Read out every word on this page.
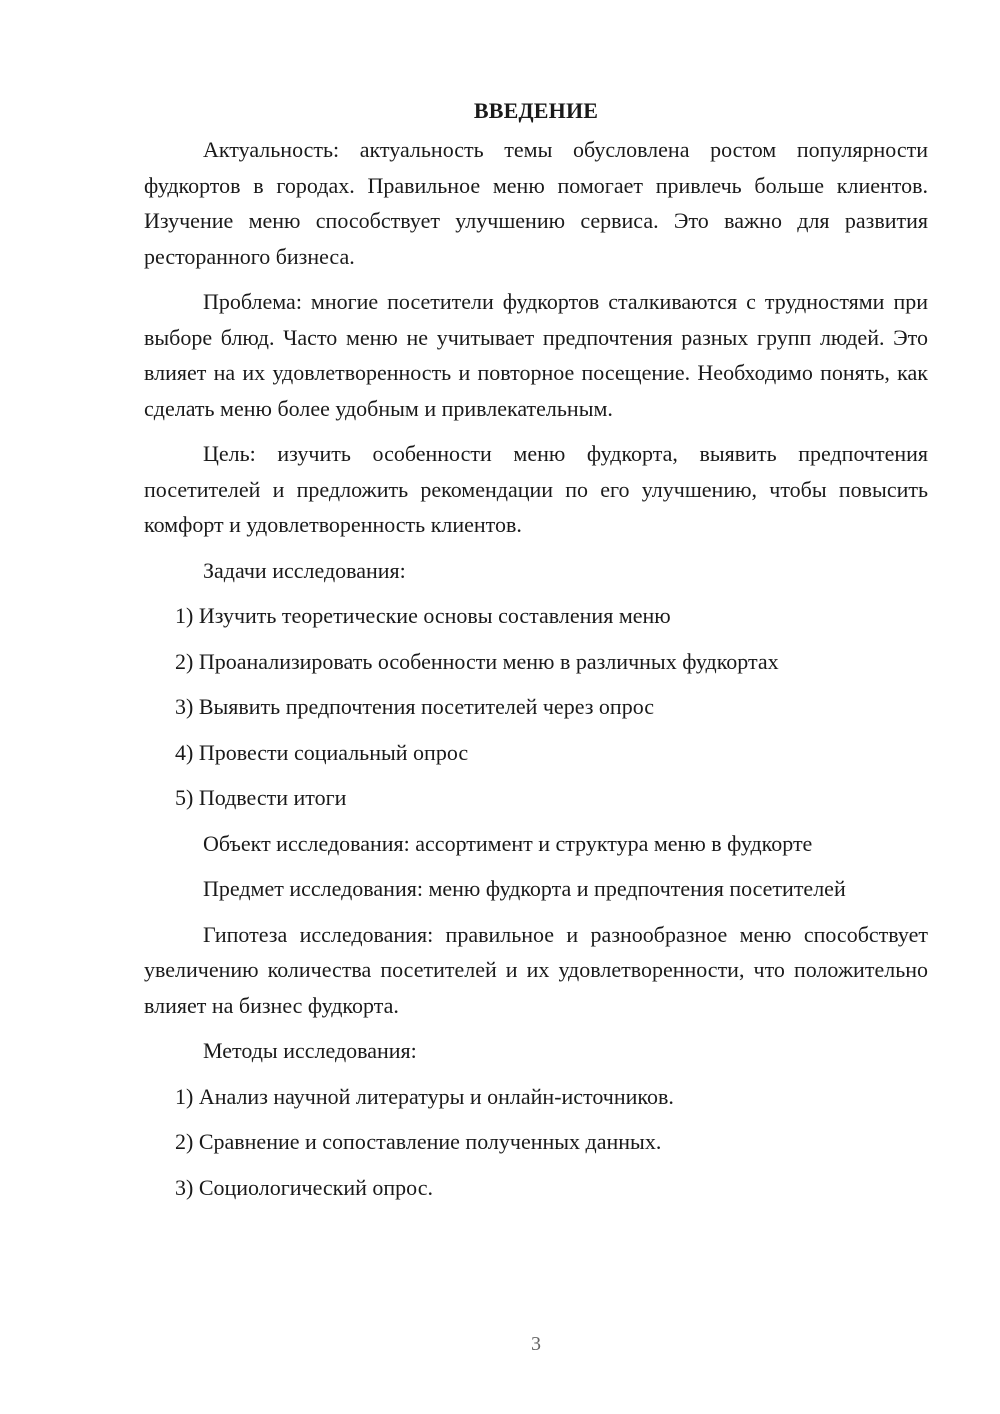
ВВЕДЕНИЕ

Актуальность: актуальность темы обусловлена ростом популярности фудкортов в городах. Правильное меню помогает привлечь больше клиентов. Изучение меню способствует улучшению сервиса. Это важно для развития ресторанного бизнеса.

Проблема: многие посетители фудкортов сталкиваются с трудностями при выборе блюд. Часто меню не учитывает предпочтения разных групп людей. Это влияет на их удовлетворенность и повторное посещение. Необходимо понять, как сделать меню более удобным и привлекательным.

Цель: изучить особенности меню фудкорта, выявить предпочтения посетителей и предложить рекомендации по его улучшению, чтобы повысить комфорт и удовлетворенность клиентов.

Задачи исследования:

1) Изучить теоретические основы составления меню

2) Проанализировать особенности меню в различных фудкортах

3) Выявить предпочтения посетителей через опрос

4) Провести социальный опрос

5) Подвести итоги

Объект исследования: ассортимент и структура меню в фудкорте

Предмет исследования: меню фудкорта и предпочтения посетителей

Гипотеза исследования: правильное и разнообразное меню способствует увеличению количества посетителей и их удовлетворенности, что положительно влияет на бизнес фудкорта.

Методы исследования:

1) Анализ научной литературы и онлайн-источников.

2) Сравнение и сопоставление полученных данных.

3) Социологический опрос.

3
